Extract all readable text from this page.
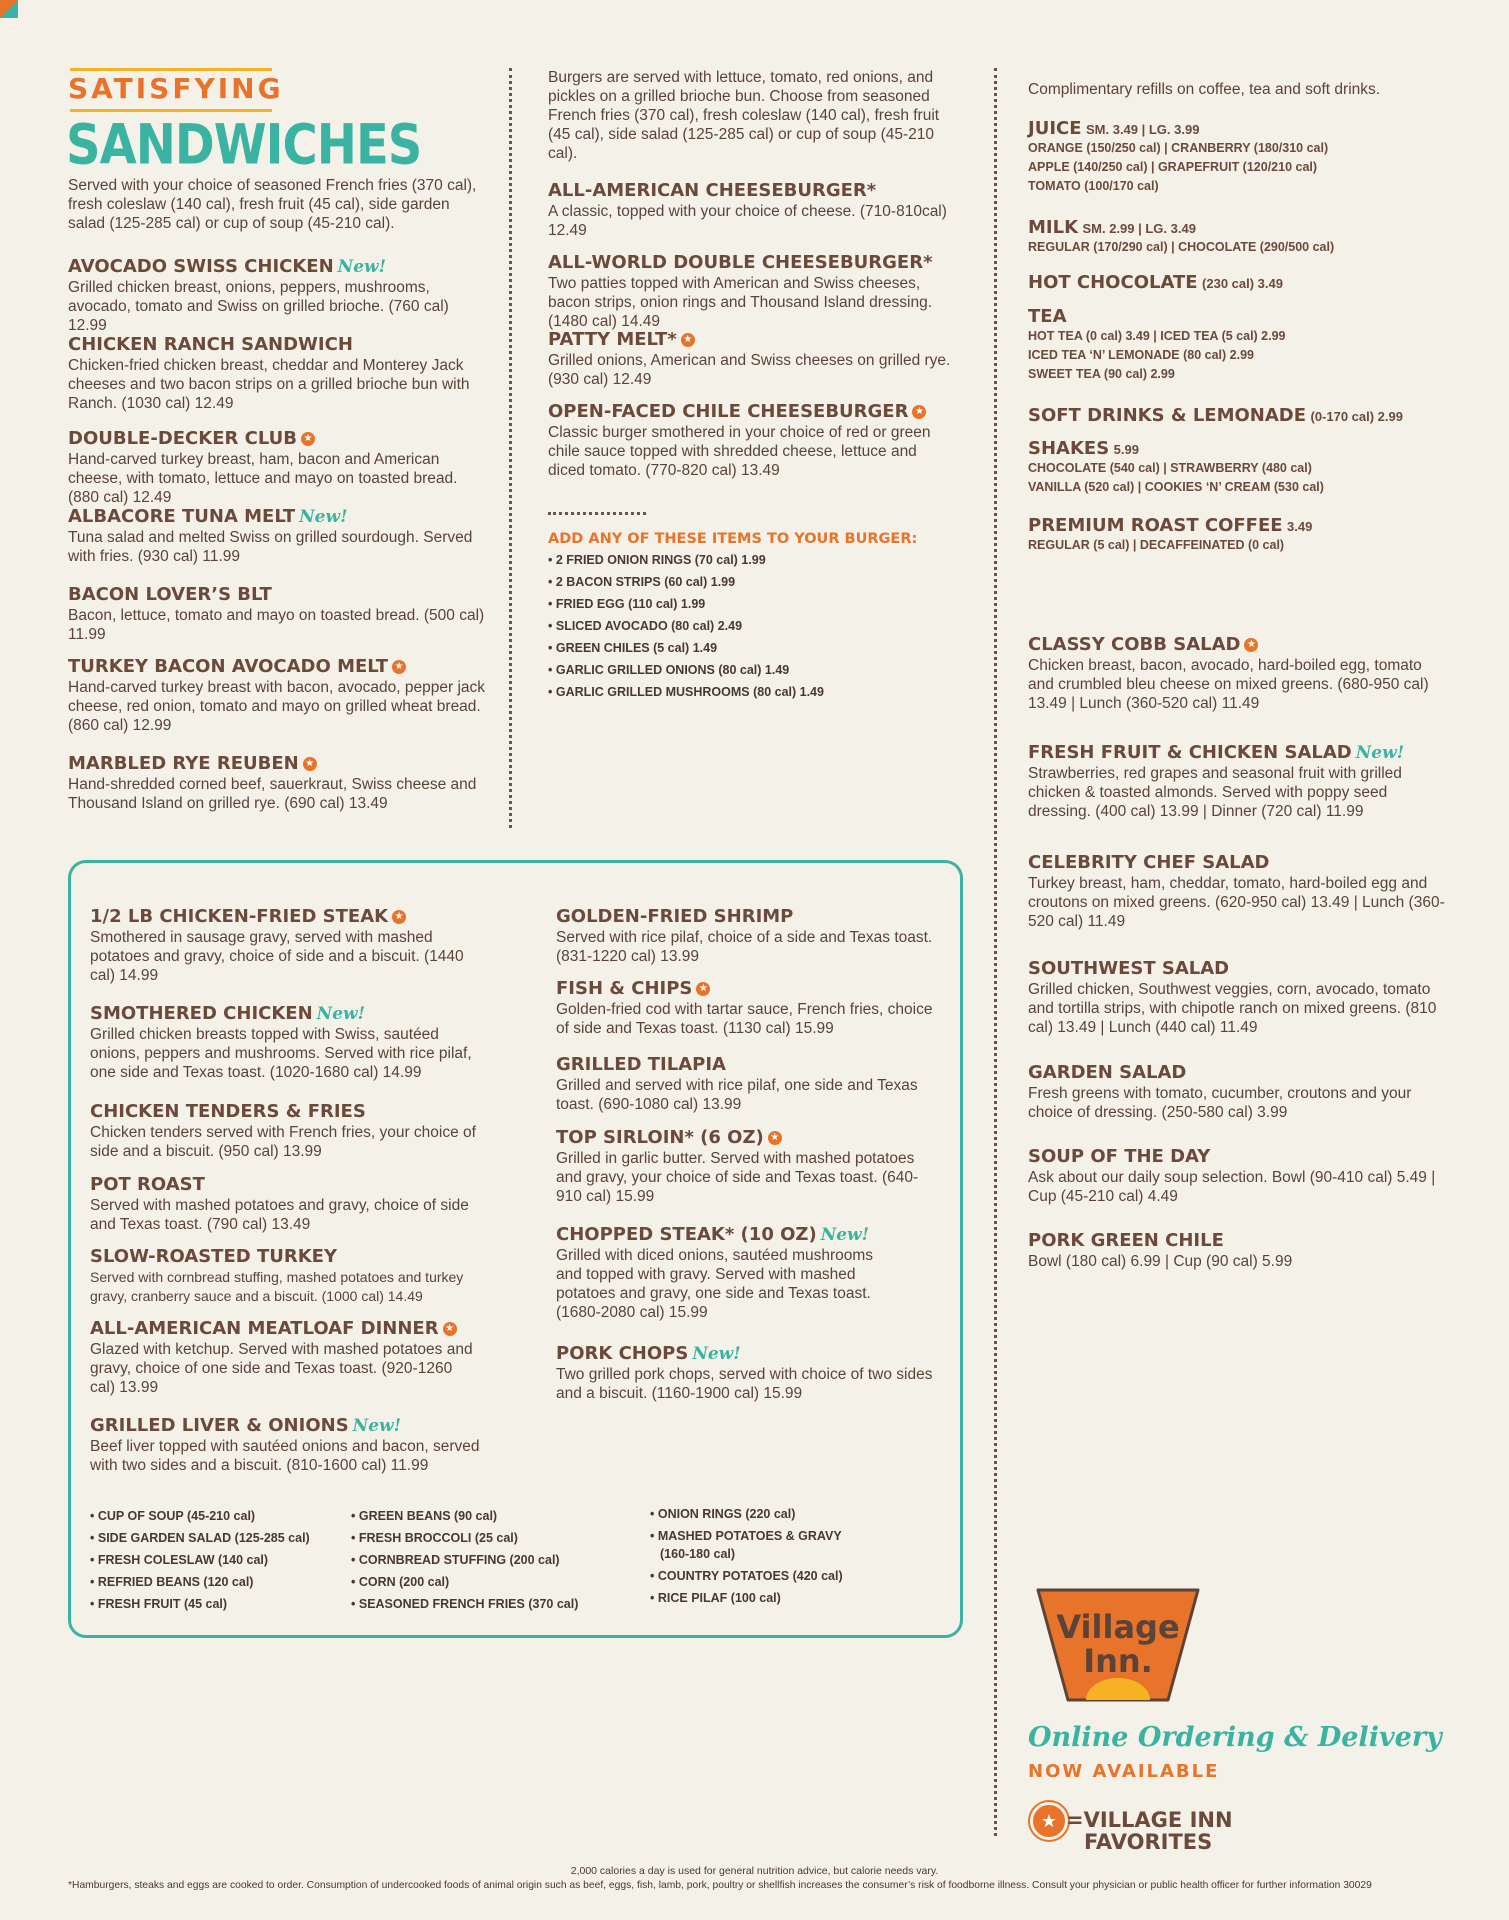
SATISFYING
SANDWICHES
Served with your choice of seasoned French fries (370 cal), fresh coleslaw (140 cal), fresh fruit (45 cal), side garden salad (125-285 cal) or cup of soup (45-210 cal).
AVOCADO SWISS CHICKEN New!
Grilled chicken breast, onions, peppers, mushrooms, avocado, tomato and Swiss on grilled brioche. (760 cal) 12.99
CHICKEN RANCH SANDWICH
Chicken-fried chicken breast, cheddar and Monterey Jack cheeses and two bacon strips on a grilled brioche bun with Ranch. (1030 cal) 12.49
DOUBLE-DECKER CLUB ★
Hand-carved turkey breast, ham, bacon and American cheese, with tomato, lettuce and mayo on toasted bread. (880 cal) 12.49
ALBACORE TUNA MELT New!
Tuna salad and melted Swiss on grilled sourdough. Served with fries. (930 cal) 11.99
BACON LOVER’S BLT
Bacon, lettuce, tomato and mayo on toasted bread. (500 cal) 11.99
TURKEY BACON AVOCADO MELT ★
Hand-carved turkey breast with bacon, avocado, pepper jack cheese, red onion, tomato and mayo on grilled wheat bread. (860 cal) 12.99
MARBLED RYE REUBEN ★
Hand-shredded corned beef, sauerkraut, Swiss cheese and Thousand Island on grilled rye. (690 cal) 13.49
Burgers are served with lettuce, tomato, red onions, and pickles on a grilled brioche bun. Choose from seasoned French fries (370 cal), fresh coleslaw (140 cal), fresh fruit (45 cal), side salad (125-285 cal) or cup of soup (45-210 cal).
ALL-AMERICAN CHEESEBURGER*
A classic, topped with your choice of cheese. (710-810cal) 12.49
ALL-WORLD DOUBLE CHEESEBURGER*
Two patties topped with American and Swiss cheeses, bacon strips, onion rings and Thousand Island dressing. (1480 cal) 14.49
PATTY MELT* ★
Grilled onions, American and Swiss cheeses on grilled rye. (930 cal) 12.49
OPEN-FACED CHILE CHEESEBURGER ★
Classic burger smothered in your choice of red or green chile sauce topped with shredded cheese, lettuce and diced tomato. (770-820 cal) 13.49
ADD ANY OF THESE ITEMS TO YOUR BURGER:
• 2 FRIED ONION RINGS (70 cal) 1.99
• 2 BACON STRIPS (60 cal) 1.99
• FRIED EGG (110 cal) 1.99
• SLICED AVOCADO (80 cal) 2.49
• GREEN CHILES (5 cal) 1.49
• GARLIC GRILLED ONIONS (80 cal) 1.49
• GARLIC GRILLED MUSHROOMS (80 cal) 1.49
Complimentary refills on coffee, tea and soft drinks.
JUICE SM. 3.49 | LG. 3.99
ORANGE (150/250 cal) | CRANBERRY (180/310 cal)
APPLE (140/250 cal) | GRAPEFRUIT (120/210 cal)
TOMATO (100/170 cal)
MILK SM. 2.99 | LG. 3.49
REGULAR (170/290 cal) | CHOCOLATE (290/500 cal)
HOT CHOCOLATE (230 cal) 3.49
TEA
HOT TEA (0 cal) 3.49 | ICED TEA (5 cal) 2.99
ICED TEA ‘N’ LEMONADE (80 cal) 2.99
SWEET TEA (90 cal) 2.99
SOFT DRINKS & LEMONADE (0-170 cal) 2.99
SHAKES 5.99
CHOCOLATE (540 cal) | STRAWBERRY (480 cal)
VANILLA (520 cal) | COOKIES ‘N’ CREAM (530 cal)
PREMIUM ROAST COFFEE 3.49
REGULAR (5 cal) | DECAFFEINATED (0 cal)
CLASSY COBB SALAD ★
Chicken breast, bacon, avocado, hard-boiled egg, tomato and crumbled bleu cheese on mixed greens. (680-950 cal) 13.49 | Lunch (360-520 cal) 11.49
FRESH FRUIT & CHICKEN SALAD New!
Strawberries, red grapes and seasonal fruit with grilled chicken & toasted almonds. Served with poppy seed dressing. (400 cal) 13.99 | Dinner (720 cal) 11.99
CELEBRITY CHEF SALAD
Turkey breast, ham, cheddar, tomato, hard-boiled egg and croutons on mixed greens. (620-950 cal) 13.49 | Lunch (360-520 cal) 11.49
SOUTHWEST SALAD
Grilled chicken, Southwest veggies, corn, avocado, tomato and tortilla strips, with chipotle ranch on mixed greens. (810 cal) 13.49 | Lunch (440 cal) 11.49
GARDEN SALAD
Fresh greens with tomato, cucumber, croutons and your choice of dressing. (250-580 cal) 3.99
SOUP OF THE DAY
Ask about our daily soup selection. Bowl (90-410 cal) 5.49 | Cup (45-210 cal) 4.49
PORK GREEN CHILE
Bowl (180 cal) 6.99 | Cup (90 cal) 5.99
1/2 LB CHICKEN-FRIED STEAK ★
Smothered in sausage gravy, served with mashed potatoes and gravy, choice of side and a biscuit. (1440 cal) 14.99
SMOTHERED CHICKEN New!
Grilled chicken breasts topped with Swiss, sautéed onions, peppers and mushrooms. Served with rice pilaf, one side and Texas toast. (1020-1680 cal) 14.99
CHICKEN TENDERS & FRIES
Chicken tenders served with French fries, your choice of side and a biscuit. (950 cal) 13.99
POT ROAST
Served with mashed potatoes and gravy, choice of side and Texas toast. (790 cal) 13.49
SLOW-ROASTED TURKEY
Served with cornbread stuffing, mashed potatoes and turkey gravy, cranberry sauce and a biscuit. (1000 cal) 14.49
ALL-AMERICAN MEATLOAF DINNER ★
Glazed with ketchup. Served with mashed potatoes and gravy, choice of one side and Texas toast. (920-1260 cal) 13.99
GRILLED LIVER & ONIONS New!
Beef liver topped with sautéed onions and bacon, served with two sides and a biscuit. (810-1600 cal) 11.99
GOLDEN-FRIED SHRIMP
Served with rice pilaf, choice of a side and Texas toast. (831-1220 cal) 13.99
FISH & CHIPS ★
Golden-fried cod with tartar sauce, French fries, choice of side and Texas toast. (1130 cal) 15.99
GRILLED TILAPIA
Grilled and served with rice pilaf, one side and Texas toast. (690-1080 cal) 13.99
TOP SIRLOIN* (6 OZ) ★
Grilled in garlic butter. Served with mashed potatoes and gravy, your choice of side and Texas toast. (640-910 cal) 15.99
CHOPPED STEAK* (10 OZ) New!
Grilled with diced onions, sautéed mushrooms and topped with gravy. Served with mashed potatoes and gravy, one side and Texas toast. (1680-2080 cal) 15.99
PORK CHOPS New!
Two grilled pork chops, served with choice of two sides and a biscuit. (1160-1900 cal) 15.99
• CUP OF SOUP (45-210 cal)
• SIDE GARDEN SALAD (125-285 cal)
• FRESH COLESLAW (140 cal)
• REFRIED BEANS (120 cal)
• FRESH FRUIT (45 cal)
• GREEN BEANS (90 cal)
• FRESH BROCCOLI (25 cal)
• CORNBREAD STUFFING (200 cal)
• CORN (200 cal)
• SEASONED FRENCH FRIES (370 cal)
• ONION RINGS (220 cal)
• MASHED POTATOES & GRAVY
(160-180 cal)
• COUNTRY POTATOES (420 cal)
• RICE PILAF (100 cal)
Village
Inn.
Online Ordering & Delivery
NOW AVAILABLE
★ =VILLAGE INN
FAVORITES
2,000 calories a day is used for general nutrition advice, but calorie needs vary.
*Hamburgers, steaks and eggs are cooked to order. Consumption of undercooked foods of animal origin such as beef, eggs, fish, lamb, pork, poultry or shellfish increases the consumer’s risk of foodborne illness. Consult your physician or public health officer for further information 30029
